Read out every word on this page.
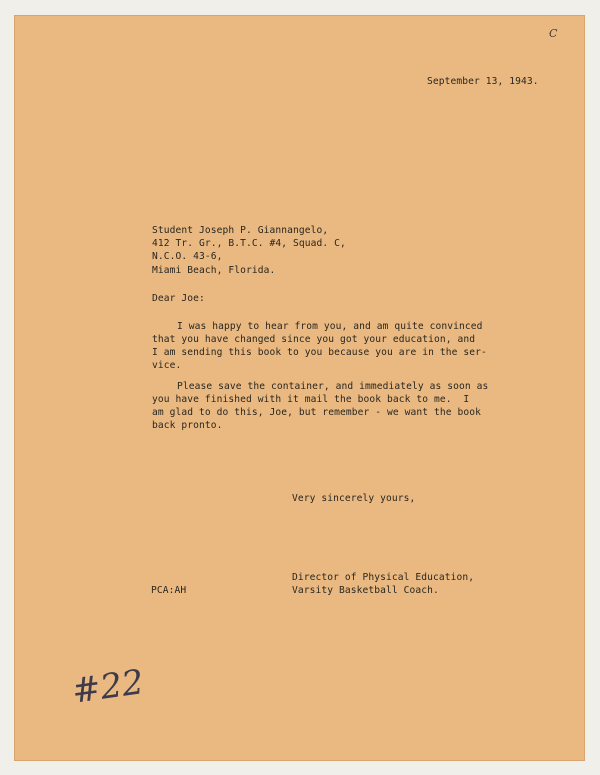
C
September 13, 1943.
Student Joseph P. Giannangelo,
412 Tr. Gr., B.T.C. #4, Squad. C,
N.C.O. 43-6,
Miami Beach, Florida.
Dear Joe:
I was happy to hear from you, and am quite convinced
that you have changed since you got your education, and
I am sending this book to you because you are in the ser-
vice.
Please save the container, and immediately as soon as
you have finished with it mail the book back to me.  I
am glad to do this, Joe, but remember - we want the book
back pronto.
Very sincerely yours,
Director of Physical Education,
Varsity Basketball Coach.
PCA:AH
#22
